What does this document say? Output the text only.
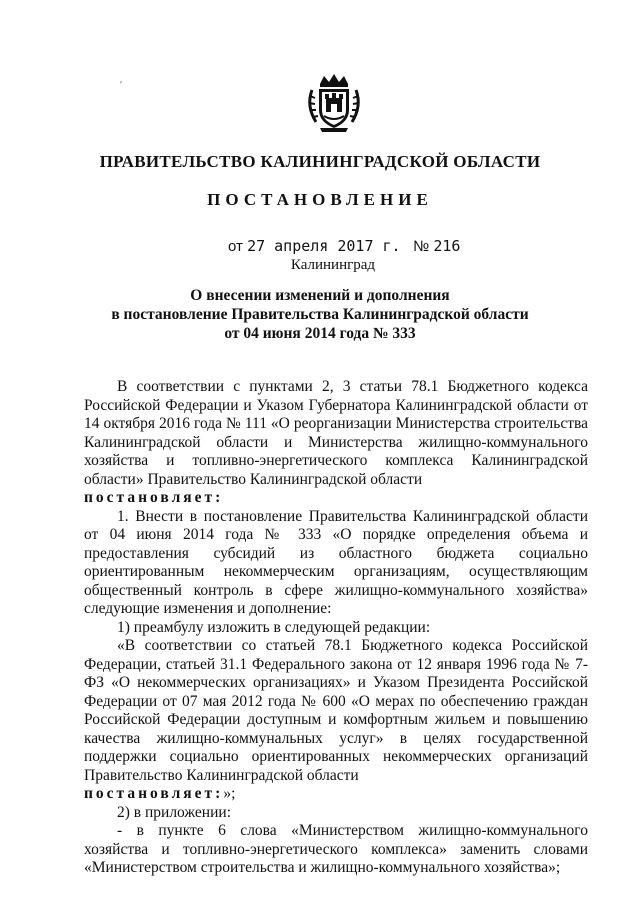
′
ПРАВИТЕЛЬСТВО КАЛИНИНГРАДСКОЙ ОБЛАСТИ
ПОСТАНОВЛЕНИЕ
от 27 апреля 2017 г. № 216
Калининград
О внесении изменений и дополнения
в постановление Правительства Калининградской области
от 04 июня 2014 года № 333

В соответствии с пунктами 2, 3 статьи 78.1 Бюджетного кодекса Российской Федерации и Указом Губернатора Калининградской области от 14 октября 2016 года № 111 «О реорганизации Министерства строительства Калининградской области и Министерства жилищно-коммунального хозяйства и топливно-энергетического комплекса Калининградской области» Правительство Калининградской области

постановляет:

1. Внести в постановление Правительства Калининградской области от 04 июня 2014 года № 333 «О порядке определения объема и предоставления субсидий из областного бюджета социально ориентированным некоммерческим организациям, осуществляющим общественный контроль в сфере жилищно-коммунального хозяйства» следующие изменения и дополнение:

1) преамбулу изложить в следующей редакции:

«В соответствии со статьей 78.1 Бюджетного кодекса Российской Федерации, статьей 31.1 Федерального закона от 12 января 1996 года № 7-ФЗ «О некоммерческих организациях» и Указом Президента Российской Федерации от 07 мая 2012 года № 600 «О мерах по обеспечению граждан Российской Федерации доступным и комфортным жильем и повышению качества жилищно-коммунальных услуг» в целях государственной поддержки социально ориентированных некоммерческих организаций Правительство Калининградской области

постановляет:»;

2) в приложении:

- в пункте 6 слова «Министерством жилищно-коммунального хозяйства и топливно-энергетического комплекса» заменить словами «Министерством строительства и жилищно-коммунального хозяйства»;
